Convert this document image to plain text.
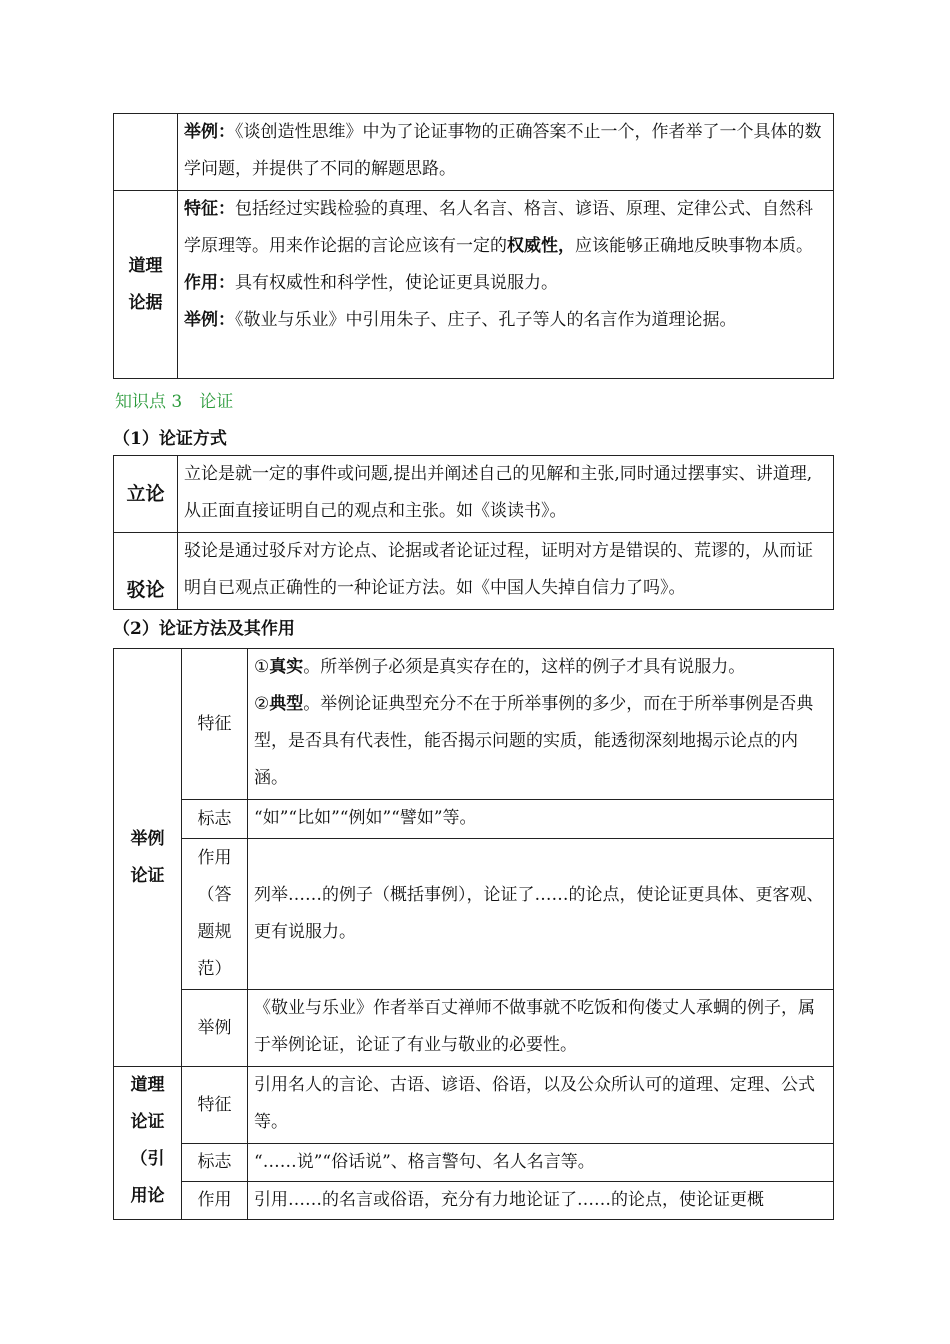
	举例：《谈创造性思维》中为了论证事物的正确答案不止一个，作者举了一个具体的数学问题，并提供了不同的解题思路。
道理论据	特征：包括经过实践检验的真理、名人名言、格言、谚语、原理、定律公式、自然科学原理等。用来作论据的言论应该有一定的权威性，应该能够正确地反映事物本质。
作用：具有权威性和科学性，使论证更具说服力。
举例：《敬业与乐业》中引用朱子、庄子、孔子等人的名言作为道理论据。
知识点 3　论证
（1）论证方式
立论	立论是就一定的事件或问题,提出并阐述自己的见解和主张,同时通过摆事实、讲道理,从正面直接证明自己的观点和主张。如《谈读书》。
驳论	驳论是通过驳斥对方论点、论据或者论证过程，证明对方是错误的、荒谬的，从而证明自已观点正确性的一种论证方法。如《中国人失掉自信力了吗》。
（2）论证方法及其作用
举例论证	特征	①真实。所举例子必须是真实存在的，这样的例子才具有说服力。
②典型。举例论证典型充分不在于所举事例的多少，而在于所举事例是否典型，是否具有代表性，能否揭示问题的实质，能透彻深刻地揭示论点的内涵。

	标志	“如”“比如”“例如”“譬如”等。
	作用（答题规范）	列举……的例子（概括事例），论证了……的论点，使论证更具体、更客观、更有说服力。
	举例	《敬业与乐业》作者举百丈禅师不做事就不吃饭和佝偻丈人承蜩的例子，属于举例论证，论证了有业与敬业的必要性。
道理论证（引用论	特征	引用名人的言论、古语、谚语、俗语，以及公众所认可的道理、定理、公式等。
	标志	“……说”“俗话说”、格言警句、名人名言等。
	作用	引用……的名言或俗语，充分有力地论证了……的论点，使论证更概
